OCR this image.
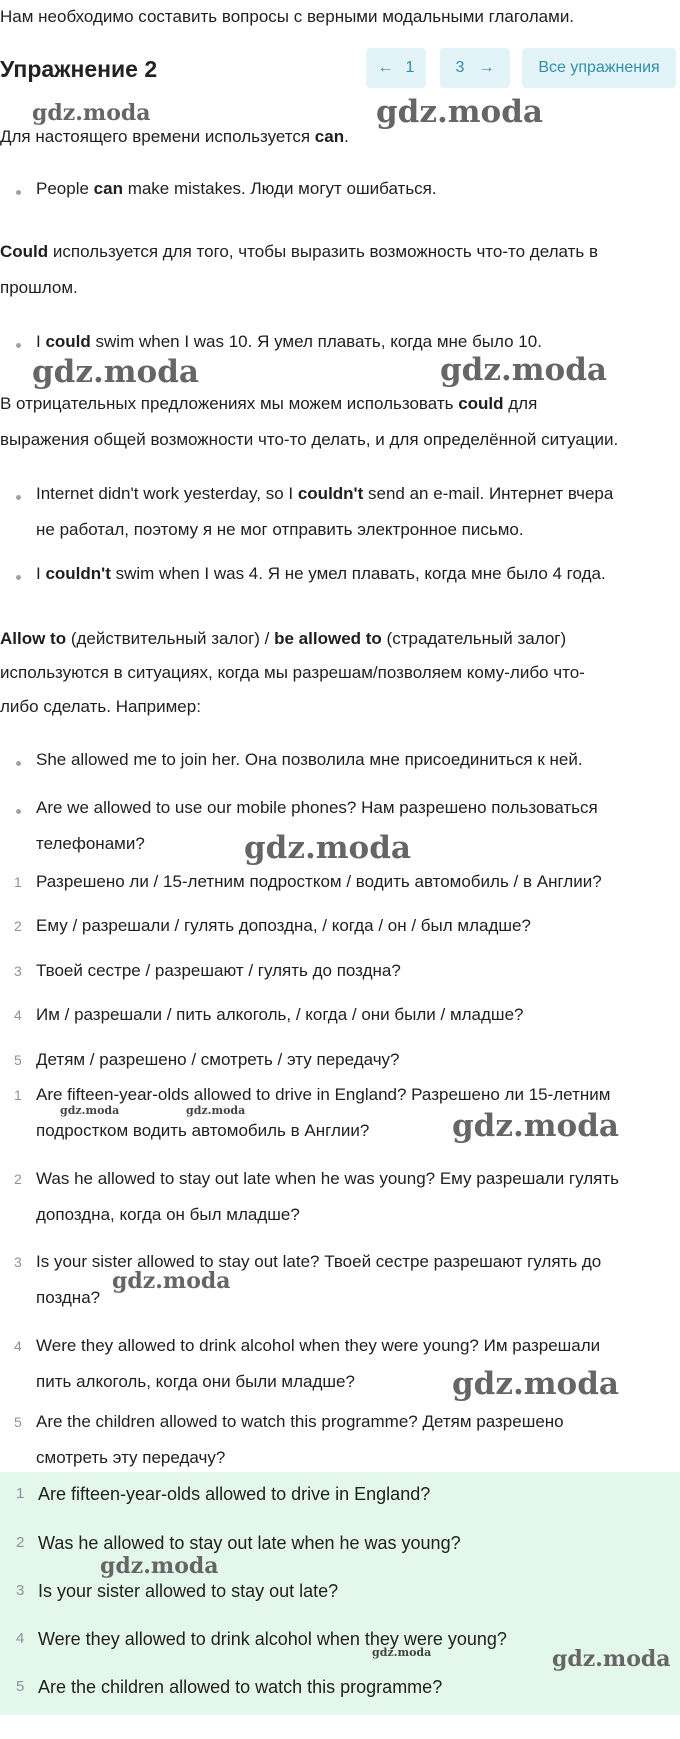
Нам необходимо составить вопросы с верными модальными глаголами.
Упражнение 2	← 1	3 →	Все упражнения
Для настоящего времени используется can.
People can make mistakes. Люди могут ошибаться.
Could используется для того, чтобы выразить возможность что-то делать в
прошлом.
I could swim when I was 10. Я умел плавать, когда мне было 10.
В отрицательных предложениях мы можем использовать could для
выражения общей возможности что-то делать, и для определённой ситуации.
Internet didn't work yesterday, so I couldn't send an e-mail. Интернет вчера
не работал, поэтому я не мог отправить электронное письмо.
I couldn't swim when I was 4. Я не умел плавать, когда мне было 4 года.
Allow to (действительный залог) / be allowed to (страдательный залог)
используются в ситуациях, когда мы разрешам/позволяем кому-либо что-
либо сделать. Например:
She allowed me to join her. Она позволила мне присоединиться к ней.
Are we allowed to use our mobile phones? Нам разрешено пользоваться
телефонами?
1 Разрешено ли / 15-летним подростком / водить автомобиль / в Англии?
2 Ему / разрешали / гулять допоздна, / когда / он / был младше?
3 Твоей сестре / разрешают / гулять до поздна?
4 Им / разрешали / пить алкоголь, / когда / они были / младше?
5 Детям / разрешено / смотреть / эту передачу?
1 Are fifteen-year-olds allowed to drive in England? Разрешено ли 15-летним
подростком водить автомобиль в Англии?
2 Was he allowed to stay out late when he was young? Ему разрешали гулять
допоздна, когда он был младше?
3 Is your sister allowed to stay out late? Твоей сестре разрешают гулять до
поздна?
4 Were they allowed to drink alcohol when they were young? Им разрешали
пить алкоголь, когда они были младше?
5 Are the children allowed to watch this programme? Детям разрешено
смотреть эту передачу?
1 Are fifteen-year-olds allowed to drive in England?
2 Was he allowed to stay out late when he was young?
3 Is your sister allowed to stay out late?
4 Were they allowed to drink alcohol when they were young?
5 Are the children allowed to watch this programme?
gdz.moda	gdz.moda
gdz.moda	gdz.moda
gdz.moda
gdz.moda	gdz.moda	gdz.moda
gdz.moda
gdz.moda
gdz.moda
gdz.moda	gdz.moda
